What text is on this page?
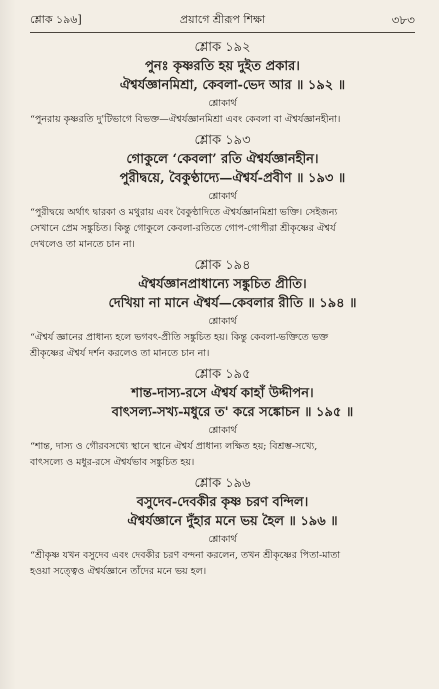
শ্লোক ১৯৬]	প্রয়াগে শ্রীরূপ শিক্ষা	৩৮৩
শ্লোক ১৯২
পুনঃ কৃষ্ণরতি হয় দুইত প্রকার।
ঐশ্বর্যজ্ঞানমিশ্রা, কেবলা-ভেদ আর ॥ ১৯২ ॥
শ্লোকার্থ
“পুনরায় কৃষ্ণরতি দু'টিভাগে বিভক্ত—ঐশ্বর্যজ্ঞানমিশ্রা এবং কেবলা বা ঐশ্বর্যজ্ঞানহীনা।
শ্লোক ১৯৩
গোকুলে ‘কেবলা’ রতি ঐশ্বর্যজ্ঞানহীন।
পুরীদ্বয়ে, বৈকুণ্ঠাদ্যে—ঐশ্বর্য-প্রবীণ ॥ ১৯৩ ॥
শ্লোকার্থ
“পুরীদ্বয়ে অর্থাৎ দ্বারকা ও মথুরায় এবং বৈকুণ্ঠাদিতে ঐশ্বর্যজ্ঞানমিশ্রা ভক্তি। সেইজন্য
সেখানে প্রেম সঙ্কুচিত। কিন্তু গোকুলে কেবলা-রতিতে গোপ-গোপীরা শ্রীকৃষ্ণের ঐশ্বর্য
দেখলেও তা মানতে চান না।
শ্লোক ১৯৪
ঐশ্বর্যজ্ঞানপ্রাধান্যে সঙ্কুচিত প্রীতি।
দেখিয়া না মানে ঐশ্বর্য—কেবলার রীতি ॥ ১৯৪ ॥
শ্লোকার্থ
“ঐশ্বর্য জ্ঞানের প্রাধান্য হলে ভগবৎ-প্রীতি সঙ্কুচিত হয়। কিন্তু কেবলা-ভক্তিতে ভক্ত
শ্রীকৃষ্ণের ঐশ্বর্য দর্শন করলেও তা মানতে চান না।
শ্লোক ১৯৫
শান্ত-দাস্য-রসে ঐশ্বর্য কাহাঁ উদ্দীপন।
বাৎসল্য-সখ্য-মধুরে ত' করে সঙ্কোচন ॥ ১৯৫ ॥
শ্লোকার্থ
“শান্ত, দাস্য ও গৌরবসখ্যে স্থানে স্থানে ঐশ্বর্য প্রাধান্য লক্ষিত হয়; বিশ্রম্ভ-সখ্যে,
বাৎসল্যে ও মধুর-রসে ঐশ্বর্যভাব সঙ্কুচিত হয়।
শ্লোক ১৯৬
বসুদেব-দেবকীর কৃষ্ণ চরণ বন্দিল।
ঐশ্বর্যজ্ঞানে দুঁহার মনে ভয় হৈল ॥ ১৯৬ ॥
শ্লোকার্থ
“শ্রীকৃষ্ণ যখন বসুদেব এবং দেবকীর চরণ বন্দনা করলেন, তখন শ্রীকৃষ্ণের পিতা-মাতা
হওয়া সত্ত্বেও ঐশ্বর্যজ্ঞানে তাঁদের মনে ভয় হল।
